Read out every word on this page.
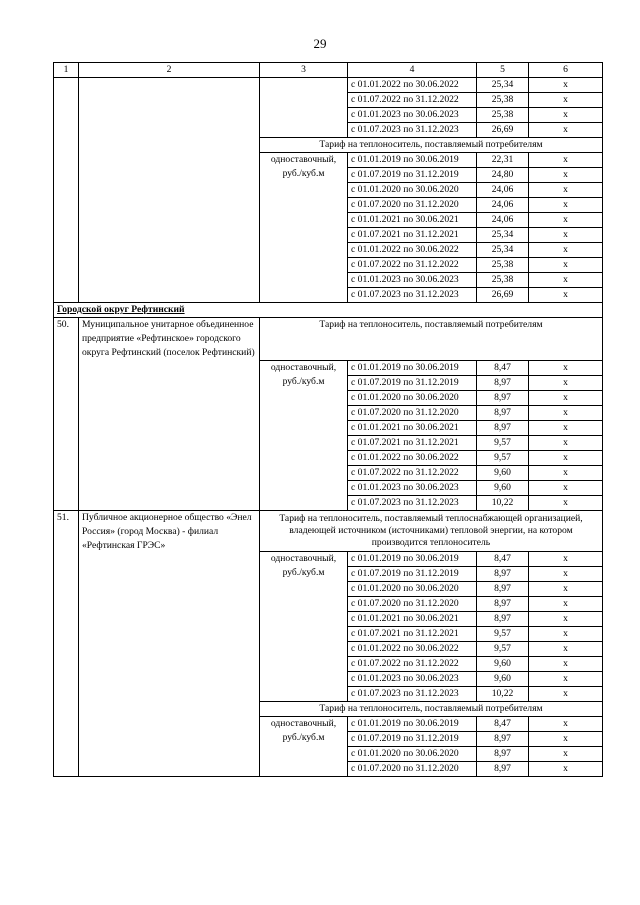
29
1	2	3	4	5	6
			с 01.01.2022 по 30.06.2022	25,34	х
			с 01.07.2022 по 31.12.2022	25,38	х
			с 01.01.2023 по 30.06.2023	25,38	х
			с 01.07.2023 по 31.12.2023	26,69	х
		Тариф на теплоноситель, поставляемый потребителям			
		одноставочный, руб./куб.м	с 01.01.2019 по 30.06.2019	22,31	х
			с 01.07.2019 по 31.12.2019	24,80	х
			с 01.01.2020 по 30.06.2020	24,06	х
			с 01.07.2020 по 31.12.2020	24,06	х
			с 01.01.2021 по 30.06.2021	24,06	х
			с 01.07.2021 по 31.12.2021	25,34	х
			с 01.01.2022 по 30.06.2022	25,34	х
			с 01.07.2022 по 31.12.2022	25,38	х
			с 01.01.2023 по 30.06.2023	25,38	х
			с 01.07.2023 по 31.12.2023	26,69	х
Городской округ Рефтинский					
50.	Муниципальное унитарное объединенное предприятие «Рефтинское» городского округа Рефтинский (поселок Рефтинский)	Тариф на теплоноситель, поставляемый потребителям			
		одноставочный, руб./куб.м	с 01.01.2019 по 30.06.2019	8,47	х
			с 01.07.2019 по 31.12.2019	8,97	х
			с 01.01.2020 по 30.06.2020	8,97	х
			с 01.07.2020 по 31.12.2020	8,97	х
			с 01.01.2021 по 30.06.2021	8,97	х
			с 01.07.2021 по 31.12.2021	9,57	х
			с 01.01.2022 по 30.06.2022	9,57	х
			с 01.07.2022 по 31.12.2022	9,60	х
			с 01.01.2023 по 30.06.2023	9,60	х
			с 01.07.2023 по 31.12.2023	10,22	х
51.	Публичное акционерное общество «Энел Россия» (город Москва) - филиал «Рефтинская ГРЭС»	Тариф на теплоноситель, поставляемый теплоснабжающей организацией, владеющей источником (источниками) тепловой энергии, на котором производится теплоноситель			
		одноставочный, руб./куб.м	с 01.01.2019 по 30.06.2019	8,47	х
			с 01.07.2019 по 31.12.2019	8,97	х
			с 01.01.2020 по 30.06.2020	8,97	х
			с 01.07.2020 по 31.12.2020	8,97	х
			с 01.01.2021 по 30.06.2021	8,97	х
			с 01.07.2021 по 31.12.2021	9,57	х
			с 01.01.2022 по 30.06.2022	9,57	х
			с 01.07.2022 по 31.12.2022	9,60	х
			с 01.01.2023 по 30.06.2023	9,60	х
			с 01.07.2023 по 31.12.2023	10,22	х
		Тариф на теплоноситель, поставляемый потребителям			
		одноставочный, руб./куб.м	с 01.01.2019 по 30.06.2019	8,47	х
			с 01.07.2019 по 31.12.2019	8,97	х
			с 01.01.2020 по 30.06.2020	8,97	х
			с 01.07.2020 по 31.12.2020	8,97	х
